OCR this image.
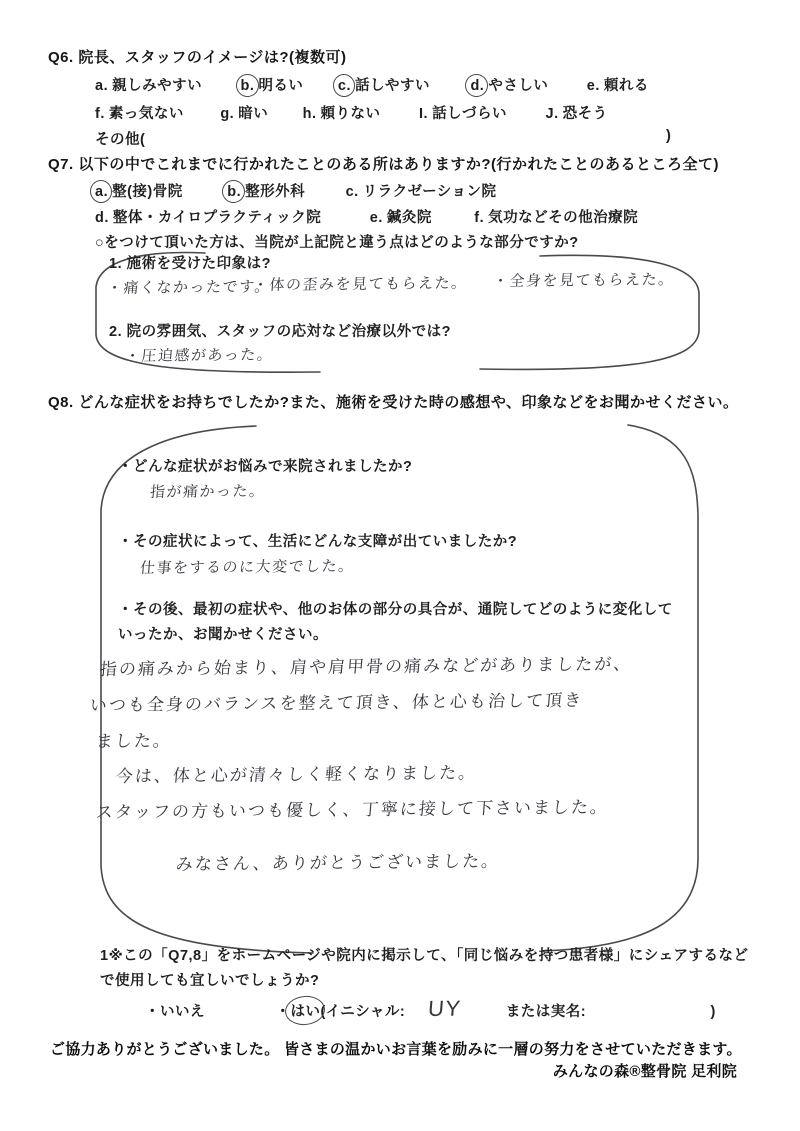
Q6. 院長、スタッフのイメージは?(複数可)
a. 親しみやすい	b. 明るい c. 話しやすい	d. やさしい	e. 頼れる
f. 素っ気ない	g. 暗い h. 頼りない	I. 話しづらい	J. 恐そう
その他(	)
Q7. 以下の中でこれまでに行かれたことのある所はありますか?(行かれたことのあるところ全て)
a. 整(接)骨院	b. 整形外科	c. リラクゼーション院
d. 整体・カイロプラクティック院	e. 鍼灸院	f. 気功などその他治療院
○をつけて頂いた方は、当院が上記院と違う点はどのような部分ですか?
1. 施術を受けた印象は?
・痛くなかったです。
・体の歪みを見てもらえた。 ・全身を見てもらえた。
2. 院の雰囲気、スタッフの応対など治療以外では?
・圧迫感があった。
Q8. どんな症状をお持ちでしたか?また、施術を受けた時の感想や、印象などをお聞かせください。
・どんな症状がお悩みで来院されましたか?
指が痛かった。
・その症状によって、生活にどんな支障が出ていましたか?
仕事をするのに大変でした。
・その後、最初の症状や、他のお体の部分の具合が、通院してどのように変化していったか、お聞かせください。
指の痛みから始まり、肩や肩甲骨の痛みなどがありましたが、
いつも全身のバランスを整えて頂き、体と心も治して頂き
ました。
今は、体と心が清々しく軽くなりました。
スタッフの方もいつも優しく、丁寧に接して下さいました。
みなさん、ありがとうございました。
1※この「Q7,8」をホームページや院内に掲示して、「同じ悩みを持つ患者様」にシェアするなどで使用しても宜しいでしょうか?
・いいえ	・はい(イニシャル: UY	または実名:	)
ご協力ありがとうございました。 皆さまの温かいお言葉を励みに一層の努力をさせていただきます。
みんなの森®整骨院 足利院
